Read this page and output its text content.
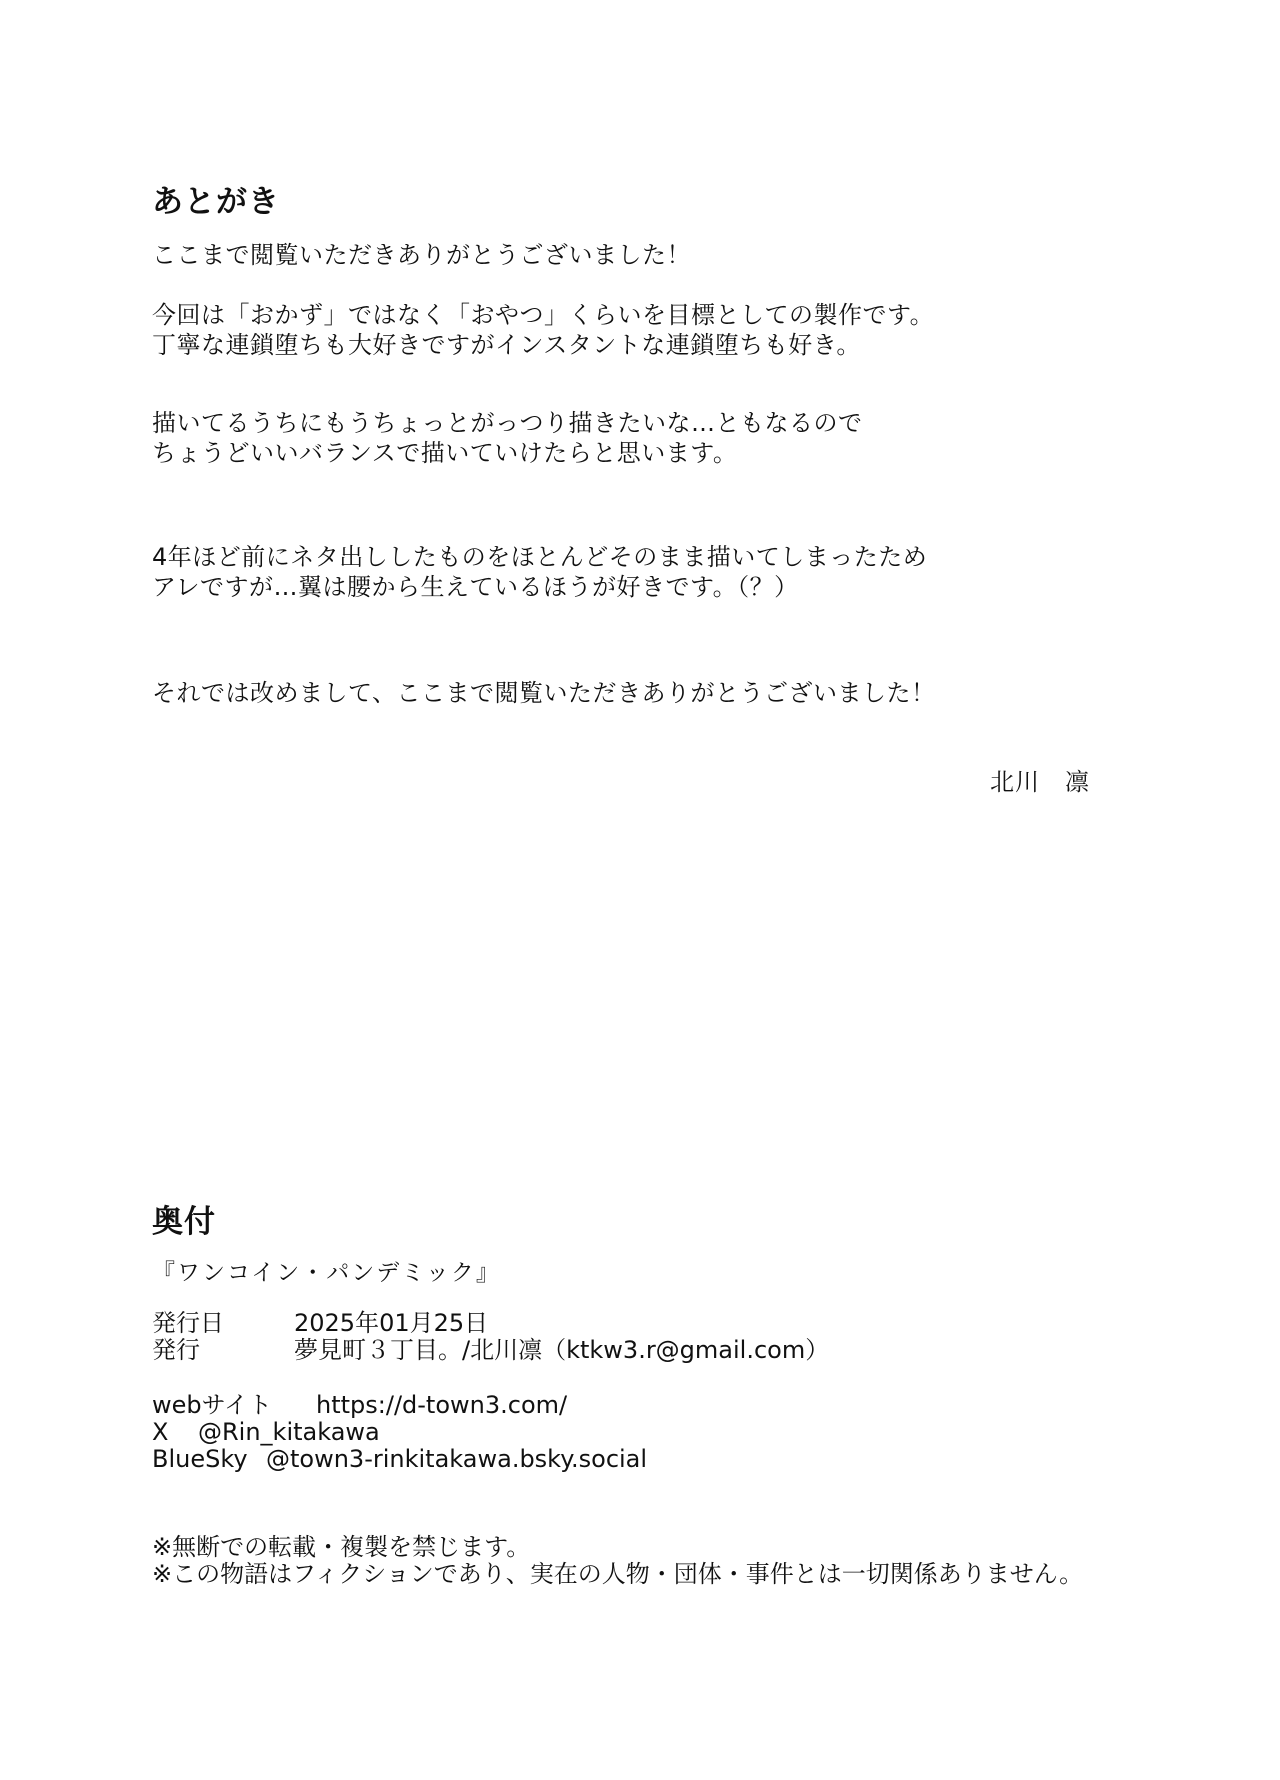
あとがき

ここまで閲覧いただきありがとうございました！

今回は「おかず」ではなく「おやつ」くらいを目標としての製作です。
丁寧な連鎖堕ちも大好きですがインスタントな連鎖堕ちも好き。

描いてるうちにもうちょっとがっつり描きたいな…ともなるので
ちょうどいいバランスで描いていけたらと思います。

4年ほど前にネタ出ししたものをほとんどそのまま描いてしまったため
アレですが…翼は腰から生えているほうが好きです。（？）

それでは改めまして、ここまで閲覧いただきありがとうございました！

北川　凛
奥付
『ワンコイン・パンデミック』
発行日	2025年01月25日
発行	夢見町３丁目。/北川凛（ktkw3.r@gmail.com）
webサイト https://d-town3.com/
X @Rin_kitakawa
BlueSky @town3-rinkitakawa.bsky.social
※無断での転載・複製を禁じます。
※この物語はフィクションであり、実在の人物・団体・事件とは一切関係ありません。
